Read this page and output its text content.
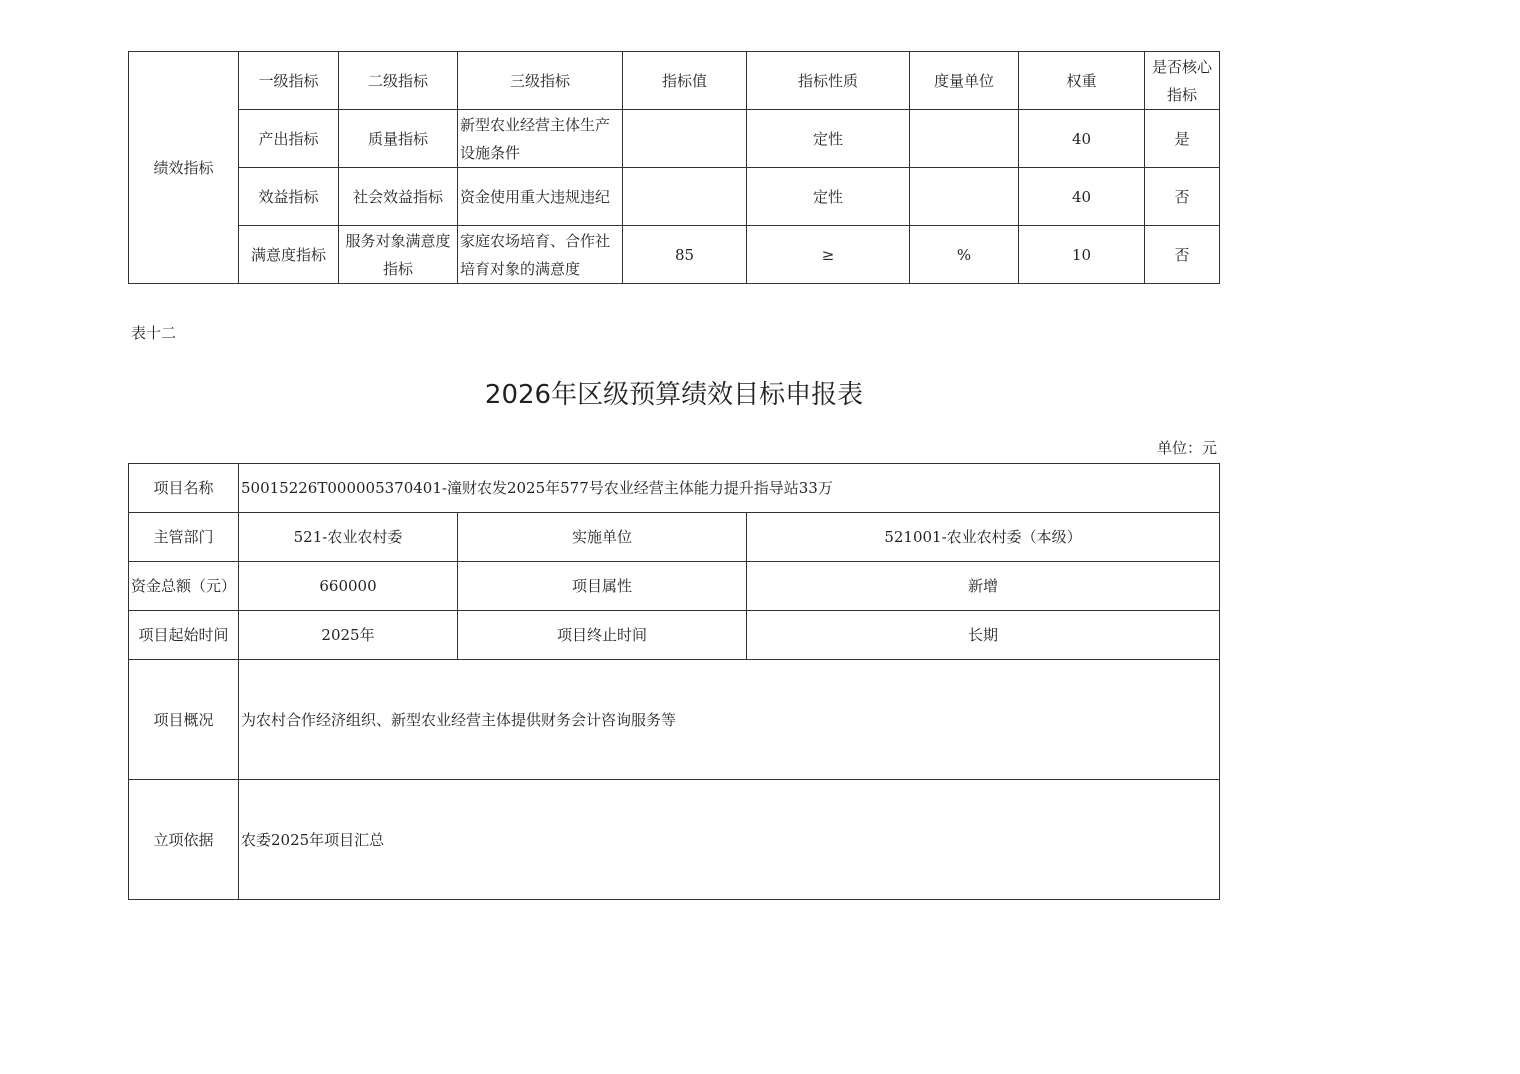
绩效指标	一级指标	二级指标	三级指标	指标值	指标性质	度量单位	权重	是否核心指标
	产出指标	质量指标	新型农业经营主体生产设施条件		定性		40	是
	效益指标	社会效益指标	资金使用重大违规违纪		定性		40	否
	满意度指标	服务对象满意度指标	家庭农场培育、合作社培育对象的满意度	85	≥	%	10	否
表十二
2026年区级预算绩效目标申报表
单位：元
项目名称	50015226T000005370401-潼财农发2025年577号农业经营主体能力提升指导站33万		
主管部门	521-农业农村委	实施单位	521001-农业农村委（本级）
资金总额（元）	660000	项目属性	新增
项目起始时间	2025年	项目终止时间	长期
项目概况	为农村合作经济组织、新型农业经营主体提供财务会计咨询服务等		
立项依据	农委2025年项目汇总		
